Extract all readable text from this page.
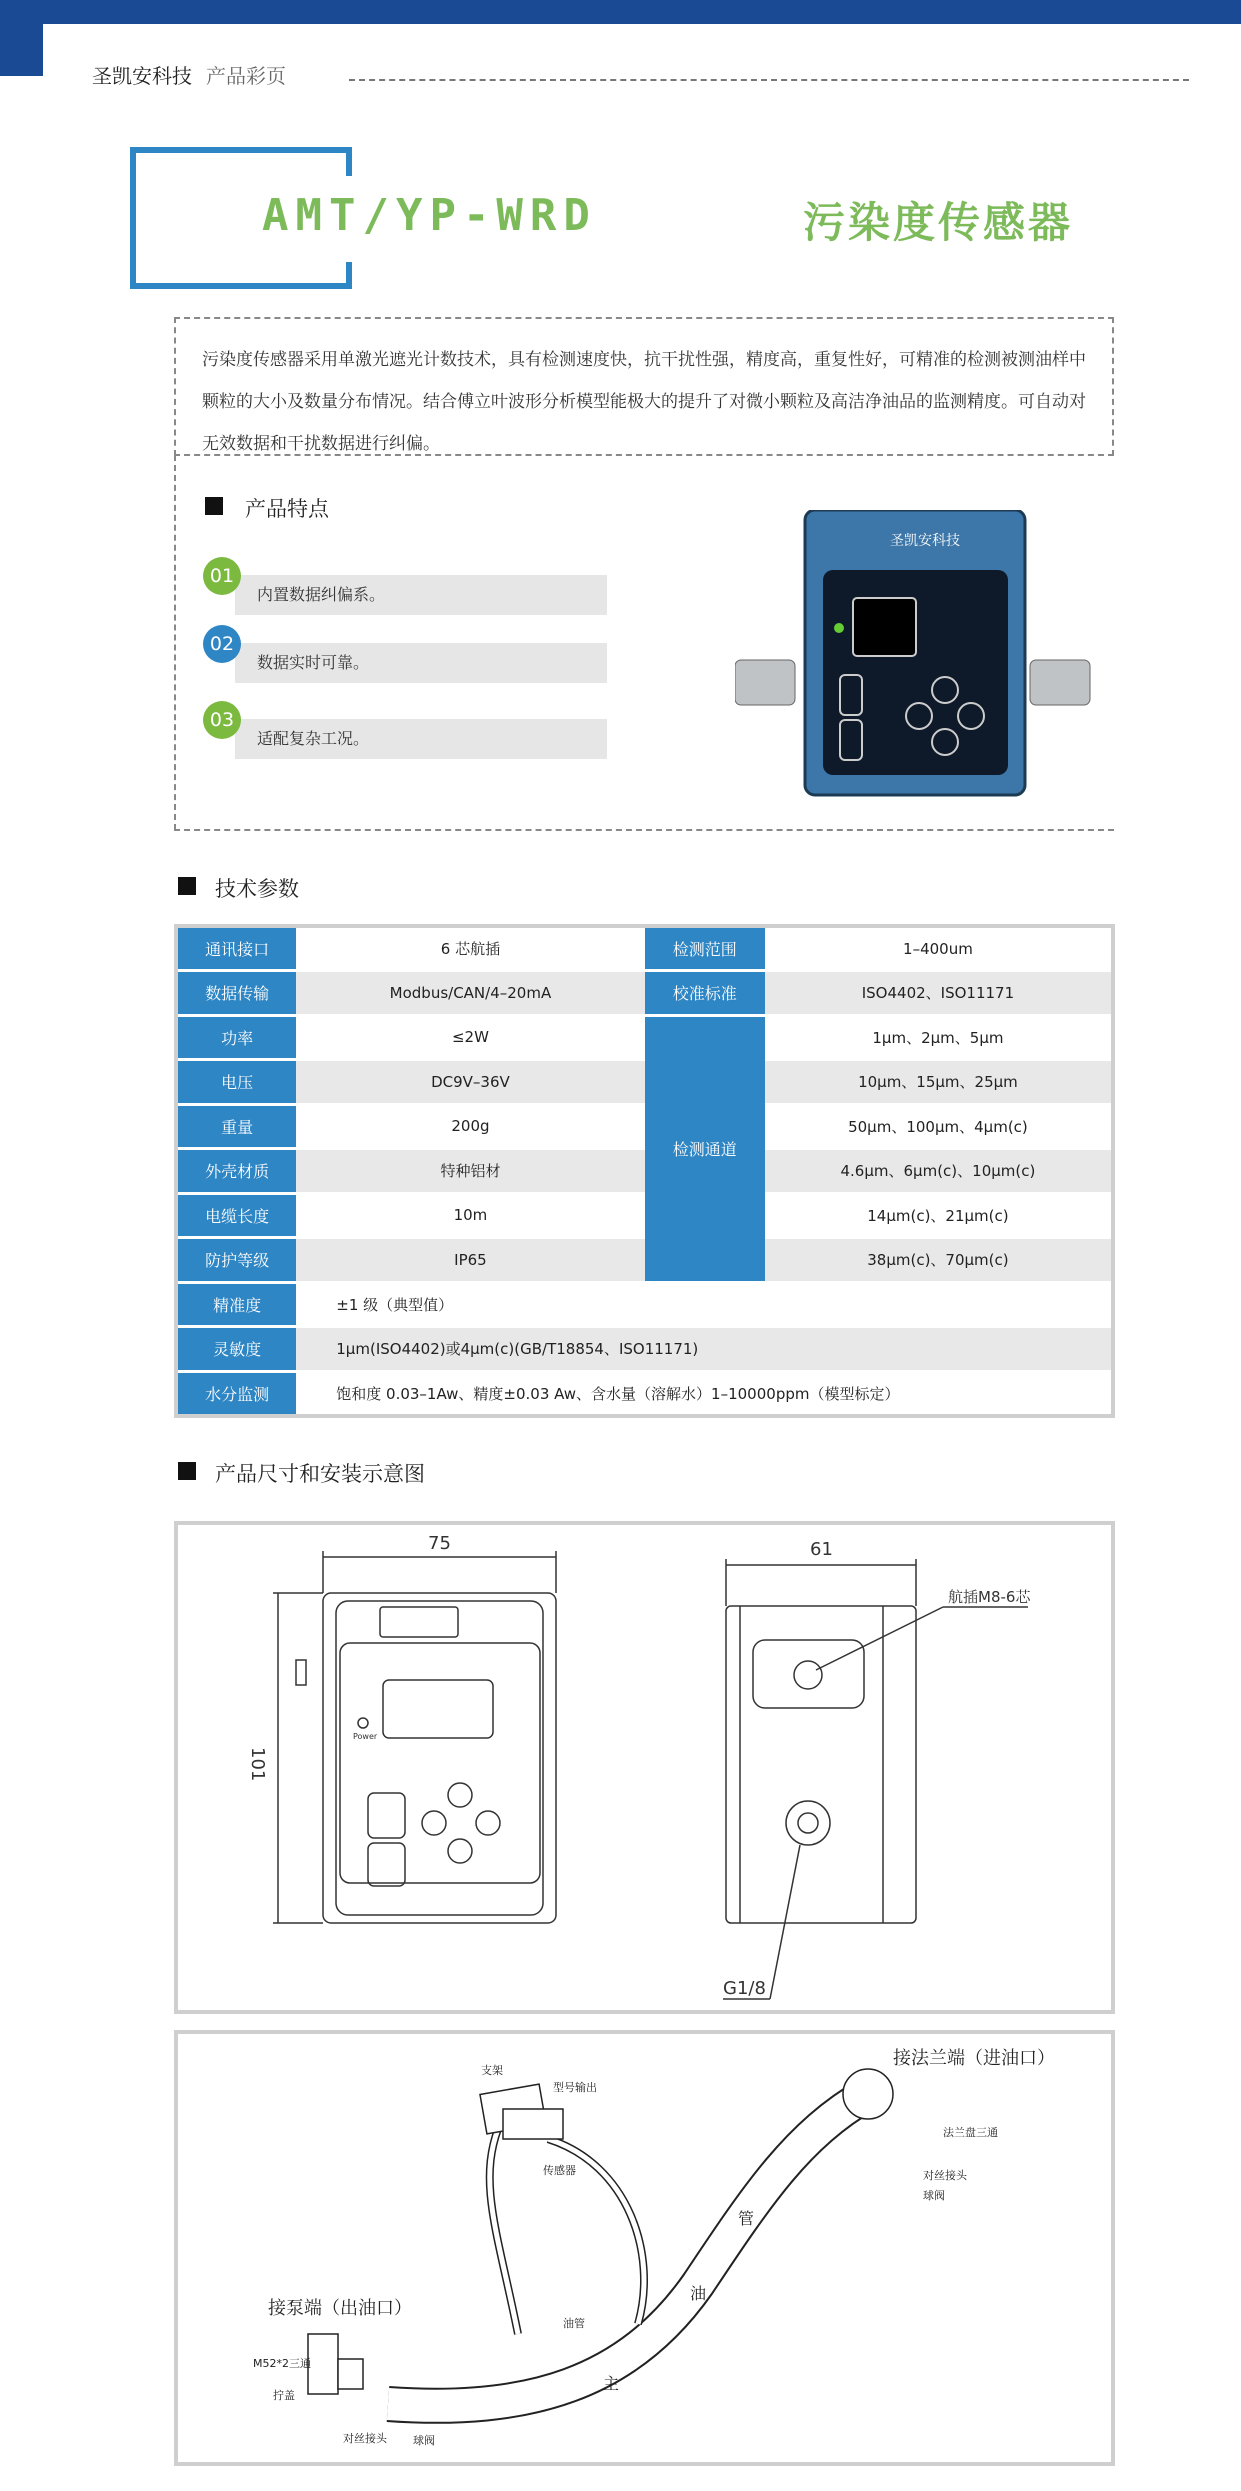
圣凯安科技 产品彩页
AMT/YP-WRD	污染度传感器
污染度传感器采用单激光遮光计数技术，具有检测速度快，抗干扰性强，精度高，重复性好，可精准的检测被测油样中颗粒的大小及数量分布情况。结合傅立叶波形分析模型能极大的提升了对微小颗粒及高洁净油品的监测精度。可自动对无效数据和干扰数据进行纠偏。
产品特点
内置数据纠偏系。
01
数据实时可靠。
02
适配复杂工况。
03
圣凯安科技
技术参数
通讯接口	6 芯航插	检测范围	1–400um
数据传输	Modbus/CAN/4–20mA	校准标准	ISO4402、ISO11171
功率	≤2W	检测通道	1μm、2μm、5μm
电压	DC9V–36V		10μm、15μm、25μm
重量	200g		50μm、100μm、4μm(c)
外壳材质	特种铝材		4.6μm、6μm(c)、10μm(c)
电缆长度	10m		14μm(c)、21μm(c)
防护等级	IP65		38μm(c)、70μm(c)
精准度	±1 级（典型值）		
灵敏度	1μm(ISO4402)或4μm(c)(GB/T18854、ISO11171)		
水分监测	饱和度 0.03–1Aw、精度±0.03 Aw、含水量（溶解水）1–10000ppm（模型标定）		
产品尺寸和安装示意图
75
101
Power
61
航插M8-6芯
G1/8
接法兰端（进油口）
接泵端（出油口）
支架
型号输出
传感器
法兰盘三通
对丝接头
球阀
油管
M52*2三通
拧盖
对丝接头 球阀
主
油
管
